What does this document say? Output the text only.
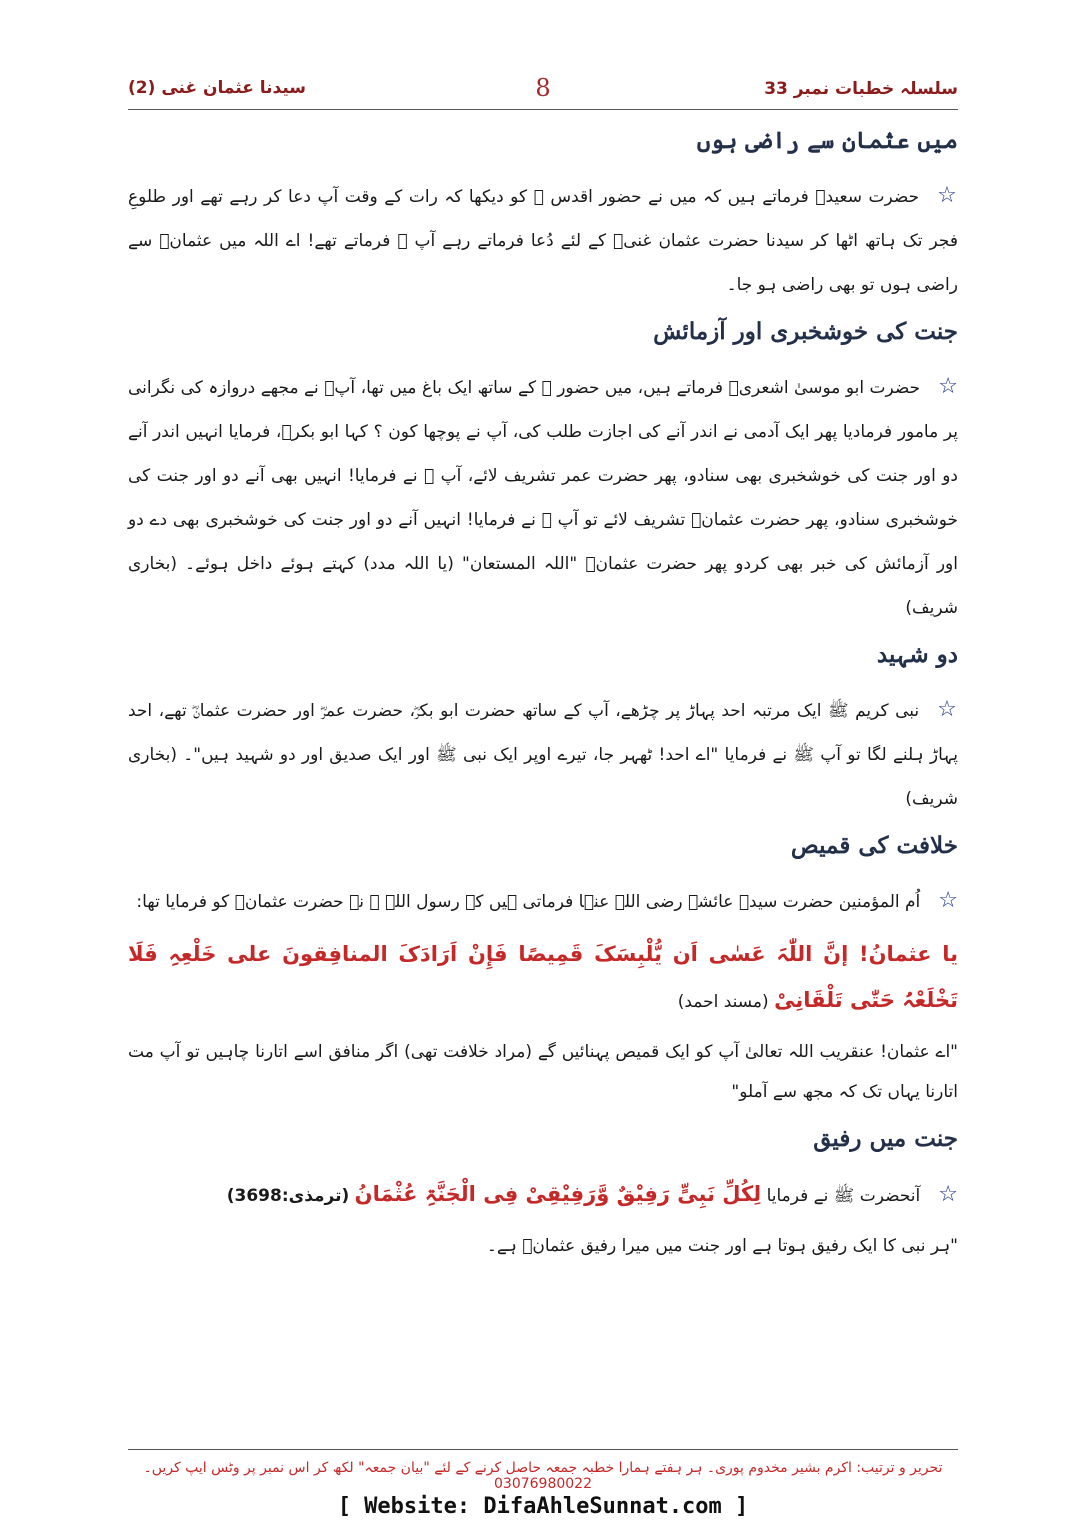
سیدنا عثمان غنی (2)	8	سلسلہ خطبات نمبر 33
میں عثمان سے راضی ہوں

☆حضرت سعیدؓ فرماتے ہیں کہ میں نے حضور اقدس ﷺ کو دیکھا کہ رات کے وقت آپ دعا کر رہے تھے اور طلوعِ فجر تک ہاتھ اٹھا کر سیدنا حضرت عثمان غنیؓ کے لئے دُعا فرماتے رہے آپ ﷺ فرماتے تھے! اے اللہ میں عثمانؓ سے راضی ہوں تو بھی راضی ہو جا۔

جنت کی خوشخبری اور آزمائش

☆حضرت ابو موسیٰ اشعریؓ فرماتے ہیں، میں حضور ﷺ کے ساتھ ایک باغ میں تھا، آپؐ نے مجھے دروازہ کی نگرانی پر مامور فرمادیا پھر ایک آدمی نے اندر آنے کی اجازت طلب کی، آپ نے پوچھا کون ؟ کہا ابو بکرؓ، فرمایا انہیں اندر آنے دو اور جنت کی خوشخبری بھی سنادو، پھر حضرت عمر تشریف لائے، آپ ﷺ نے فرمایا! انہیں بھی آنے دو اور جنت کی خوشخبری سنادو، پھر حضرت عثمانؓ تشریف لائے تو آپ ﷺ نے فرمایا! انہیں آنے دو اور جنت کی خوشخبری بھی دے دو اور آزمائش کی خبر بھی کردو پھر حضرت عثمانؓ "اللہ المستعان" (یا اللہ مدد) کہتے ہوئے داخل ہوئے۔ (بخاری شریف)

دو شہید

☆نبی کریم ﷺ ایک مرتبہ احد پہاڑ پر چڑھے، آپ کے ساتھ حضرت ابو بکرؓ، حضرت عمرؓ اور حضرت عثمانؓ تھے، احد پہاڑ ہلنے لگا تو آپ ﷺ نے فرمایا "اے احد! ٹھہر جا، تیرے اوپر ایک نبی ﷺ اور ایک صدیق اور دو شہید ہیں"۔ (بخاری شریف)

خلافت کی قمیص

☆اُم المؤمنین حضرت سیدہ عائشہ رضی اللہ عنہا فرماتی ہیں کہ رسول اللہ ﷺ نے حضرت عثمانؓ کو فرمایا تھا:

یا عثمانُ! إنَّ اللّٰہَ عَسٰی اَن یُّلْبِسَکَ قَمِیصًا فَإِنْ اَرَادَکَ المنافِقونَ علی خَلْعِہِ فَلَا تَخْلَعْہُ حَتّٰی تَلْقَانِیْ (مسند احمد)

"اے عثمان! عنقریب اللہ تعالیٰ آپ کو ایک قمیص پہنائیں گے (مراد خلافت تھی) اگر منافق اسے اتارنا چاہیں تو آپ مت اتارنا یہاں تک کہ مجھ سے آملو"

جنت میں رفیق

☆آنحضرت ﷺ نے فرمایا لِکُلِّ نَبِیٍّ رَفِیْقٌ وَّرَفِیْقِیْ فِی الْجَنَّۃِ عُثْمَانُ (ترمذی:3698)

"ہر نبی کا ایک رفیق ہوتا ہے اور جنت میں میرا رفیق عثمانؓ ہے۔

تحریر و ترتیب: اکرم بشیر مخدوم پوری۔ ہر ہفتے ہمارا خطبہ جمعہ حاصل کرنے کے لئے "بیان جمعہ" لکھ کر اس نمبر پر وٹس ایپ کریں۔ 03076980022
[ Website: DifaAhleSunnat.com ]
